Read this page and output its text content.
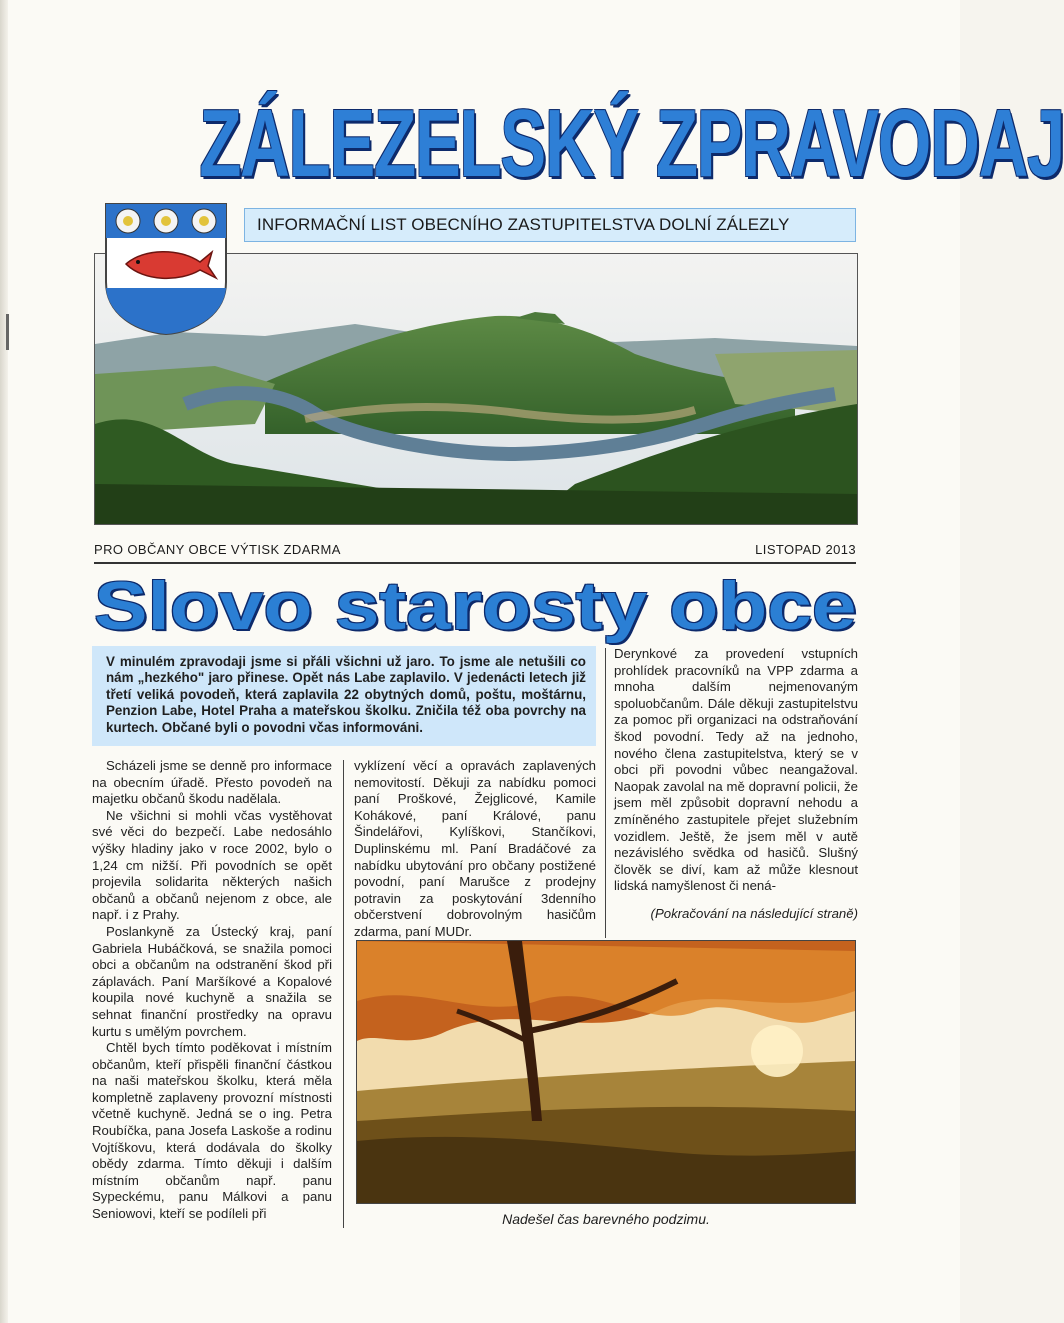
ZÁLEZELSKÝ ZPRAVODAJ
INFORMAČNÍ LIST OBECNÍHO ZASTUPITELSTVA DOLNÍ ZÁLEZLY
PRO OBČANY OBCE VÝTISK ZDARMA	LISTOPAD 2013
Slovo starosty obce
V minulém zpravodaji jsme si přáli všichni už jaro. To jsme ale netušili co nám „hezkého" jaro přinese. Opět nás Labe zaplavilo. V jedenácti letech již třetí veliká povodeň, která zaplavila 22 obytných domů, poštu, moštárnu, Penzion Labe, Hotel Praha a mateřskou školku. Zničila též oba povrchy na kurtech. Občané byli o povodni včas informováni.

Scházeli jsme se denně pro informace na obecním úřadě. Přesto povodeň na majetku občanů škodu nadělala.

Ne všichni si mohli včas vystěhovat své věci do bezpečí. Labe nedosáhlo výšky hladiny jako v roce 2002, bylo o 1,24 cm nižší. Při povodních se opět projevila solidarita některých našich občanů a občanů nejenom z obce, ale např. i z Prahy.

Poslankyně za Ústecký kraj, paní Gabriela Hubáčková, se snažila pomoci obci a občanům na odstranění škod při záplavách. Paní Maršíkové a Kopalové koupila nové kuchyně a snažila se sehnat finanční prostředky na opravu kurtu s umělým povrchem.

Chtěl bych tímto poděkovat i místním občanům, kteří přispěli finanční částkou na naši mateřskou školku, která měla kompletně zaplaveny provozní místnosti včetně kuchyně. Jedná se o ing. Petra Roubíčka, pana Josefa Laskoše a rodinu Vojtíškovu, která dodávala do školky obědy zdarma. Tímto děkuji i dalším místním občanům např. panu Sypeckému, panu Málkovi a panu Seniowovi, kteří se podíleli při

vyklízení věcí a opravách zaplavených nemovitostí. Děkuji za nabídku pomoci paní Proškové, Žejglicové, Kamile Kohákové, paní Králové, panu Šindelářovi, Kylíškovi, Stančíkovi, Duplinskému ml. Paní Bradáčové za nabídku ubytování pro občany postižené povodní, paní Marušce z prodejny potravin za poskytování 3denního občerstvení dobrovolným hasičům zdarma, paní MUDr.

Derynkové za provedení vstupních prohlídek pracovníků na VPP zdarma a mnoha dalším nejmenovaným spoluobčanům. Dále děkuji zastupitelstvu za pomoc při organizaci na odstraňování škod povodní. Tedy až na jednoho, nového člena zastupitelstva, který se v obci při povodni vůbec neangažoval. Naopak zavolal na mě dopravní policii, že jsem měl způsobit dopravní nehodu a zmíněného zastupitele přejet služebním vozidlem. Ještě, že jsem měl v autě nezávislého svědka od hasičů. Slušný člověk se diví, kam až může klesnout lidská namyšlenost či nená-

(Pokračování na následující straně)
Nadešel čas barevného podzimu.
